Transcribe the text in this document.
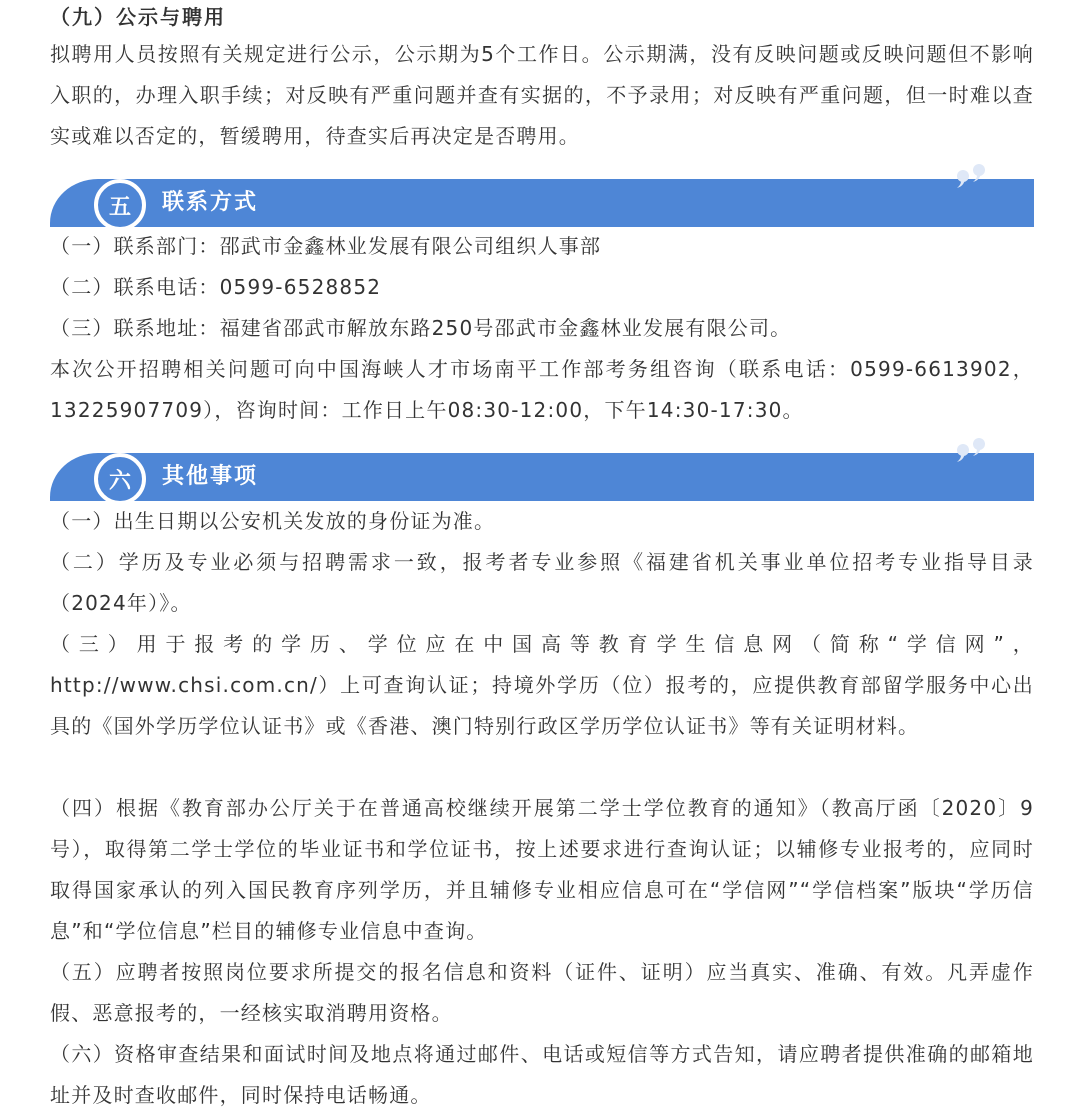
（九）公示与聘用
拟聘用人员按照有关规定进行公示，公示期为5个工作日。公示期满，没有反映问题或反映问题但不影响入职的，办理入职手续；对反映有严重问题并查有实据的，不予录用；对反映有严重问题，但一时难以查实或难以否定的，暂缓聘用，待查实后再决定是否聘用。
五	联系方式
（一）联系部门：邵武市金鑫林业发展有限公司组织人事部
（二）联系电话：0599-6528852
（三）联系地址：福建省邵武市解放东路250号邵武市金鑫林业发展有限公司。
本次公开招聘相关问题可向中国海峡人才市场南平工作部考务组咨询（联系电话：0599-6613902，13225907709），咨询时间：工作日上午08:30-12:00，下午14:30-17:30。
六	其他事项
（一）出生日期以公安机关发放的身份证为准。
（二）学历及专业必须与招聘需求一致，报考者专业参照《福建省机关事业单位招考专业指导目录（2024年）》。
（三）用于报考的学历、学位应在中国高等教育学生信息网（简称“学信网”，http://www.chsi.com.cn/）上可查询认证；持境外学历（位）报考的，应提供教育部留学服务中心出具的《国外学历学位认证书》或《香港、澳门特别行政区学历学位认证书》等有关证明材料。
（四）根据《教育部办公厅关于在普通高校继续开展第二学士学位教育的通知》（教高厅函〔2020〕9号），取得第二学士学位的毕业证书和学位证书，按上述要求进行查询认证；以辅修专业报考的，应同时取得国家承认的列入国民教育序列学历，并且辅修专业相应信息可在“学信网”“学信档案”版块“学历信息”和“学位信息”栏目的辅修专业信息中查询。
（五）应聘者按照岗位要求所提交的报名信息和资料（证件、证明）应当真实、准确、有效。凡弄虚作假、恶意报考的，一经核实取消聘用资格。
（六）资格审查结果和面试时间及地点将通过邮件、电话或短信等方式告知，请应聘者提供准确的邮箱地址并及时查收邮件，同时保持电话畅通。
